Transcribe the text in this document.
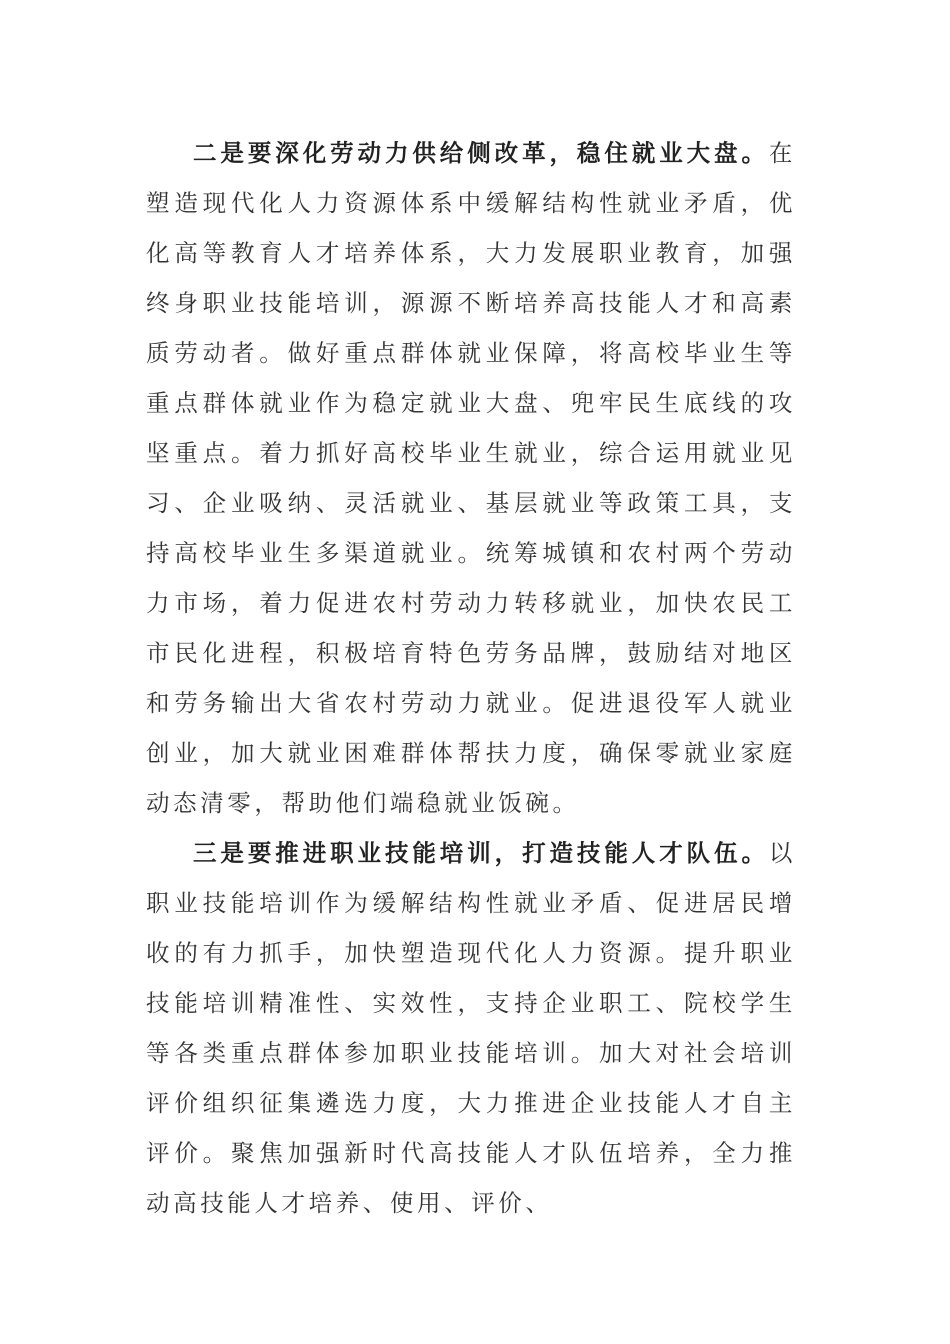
二是要深化劳动力供给侧改革，稳住就业大盘。在塑造现代化人力资源体系中缓解结构性就业矛盾，优化高等教育人才培养体系，大力发展职业教育，加强终身职业技能培训，源源不断培养高技能人才和高素质劳动者。做好重点群体就业保障，将高校毕业生等重点群体就业作为稳定就业大盘、兜牢民生底线的攻坚重点。着力抓好高校毕业生就业，综合运用就业见习、企业吸纳、灵活就业、基层就业等政策工具，支持高校毕业生多渠道就业。统筹城镇和农村两个劳动力市场，着力促进农村劳动力转移就业，加快农民工市民化进程，积极培育特色劳务品牌，鼓励结对地区和劳务输出大省农村劳动力就业。促进退役军人就业创业，加大就业困难群体帮扶力度，确保零就业家庭动态清零，帮助他们端稳就业饭碗。

三是要推进职业技能培训，打造技能人才队伍。以职业技能培训作为缓解结构性就业矛盾、促进居民增收的有力抓手，加快塑造现代化人力资源。提升职业技能培训精准性、实效性，支持企业职工、院校学生等各类重点群体参加职业技能培训。加大对社会培训评价组织征集遴选力度，大力推进企业技能人才自主评价。聚焦加强新时代高技能人才队伍培养，全力推动高技能人才培养、使用、评价、
